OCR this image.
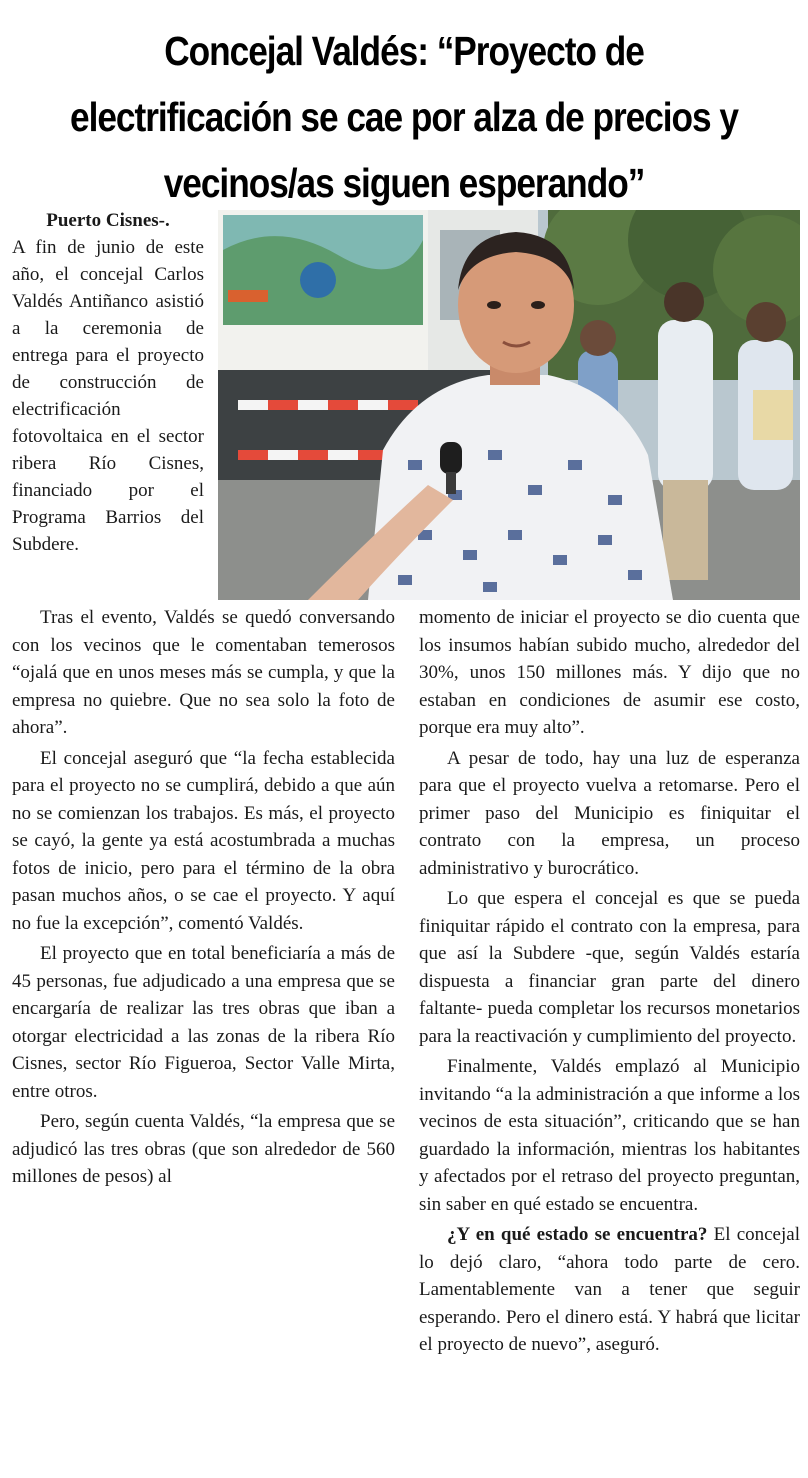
Concejal Valdés: “Proyecto de
electrificación se cae por alza de precios y
vecinos/as siguen esperando”

Puerto Cisnes-.
A fin de junio de este año, el concejal Carlos Valdés Antiñanco asistió a la ceremonia de entrega para el proyecto de construcción de electrificación fotovoltaica en el sector ribera Río Cisnes, financiado por el Programa Barrios del Subdere.

Tras el evento, Valdés se quedó conversando con los vecinos que le comentaban temerosos “ojalá que en unos meses más se cumpla, y que la empresa no quiebre. Que no sea solo la foto de ahora”.

El concejal aseguró que “la fecha establecida para el proyecto no se cumplirá, debido a que aún no se comienzan los trabajos. Es más, el proyecto se cayó, la gente ya está acostumbrada a muchas fotos de inicio, pero para el término de la obra pasan muchos años, o se cae el proyecto. Y aquí no fue la excepción”, comentó Valdés.

El proyecto que en total beneficiaría a más de 45 personas, fue adjudicado a una empresa que se encargaría de realizar las tres obras que iban a otorgar electricidad a las zonas de la ribera Río Cisnes, sector Río Figueroa, Sector Valle Mirta, entre otros.

Pero, según cuenta Valdés, “la empresa que se adjudicó las tres obras (que son alrededor de 560 millones de pesos) al

momento de iniciar el proyecto se dio cuenta que los insumos habían subido mucho, alrededor del 30%, unos 150 millones más. Y dijo que no estaban en condiciones de asumir ese costo, porque era muy alto”.

A pesar de todo, hay una luz de esperanza para que el proyecto vuelva a retomarse. Pero el primer paso del Municipio es finiquitar el contrato con la empresa, un proceso administrativo y burocrático.

Lo que espera el concejal es que se pueda finiquitar rápido el contrato con la empresa, para que así la Subdere -que, según Valdés estaría dispuesta a financiar gran parte del dinero faltante- pueda completar los recursos monetarios para la reactivación y cumplimiento del proyecto.

Finalmente, Valdés emplazó al Municipio invitando “a la administración a que informe a los vecinos de esta situación”, criticando que se han guardado la información, mientras los habitantes y afectados por el retraso del proyecto preguntan, sin saber en qué estado se encuentra.

¿Y en qué estado se encuentra? El concejal lo dejó claro, “ahora todo parte de cero. Lamentablemente van a tener que seguir esperando. Pero el dinero está. Y habrá que licitar el proyecto de nuevo”, aseguró.
